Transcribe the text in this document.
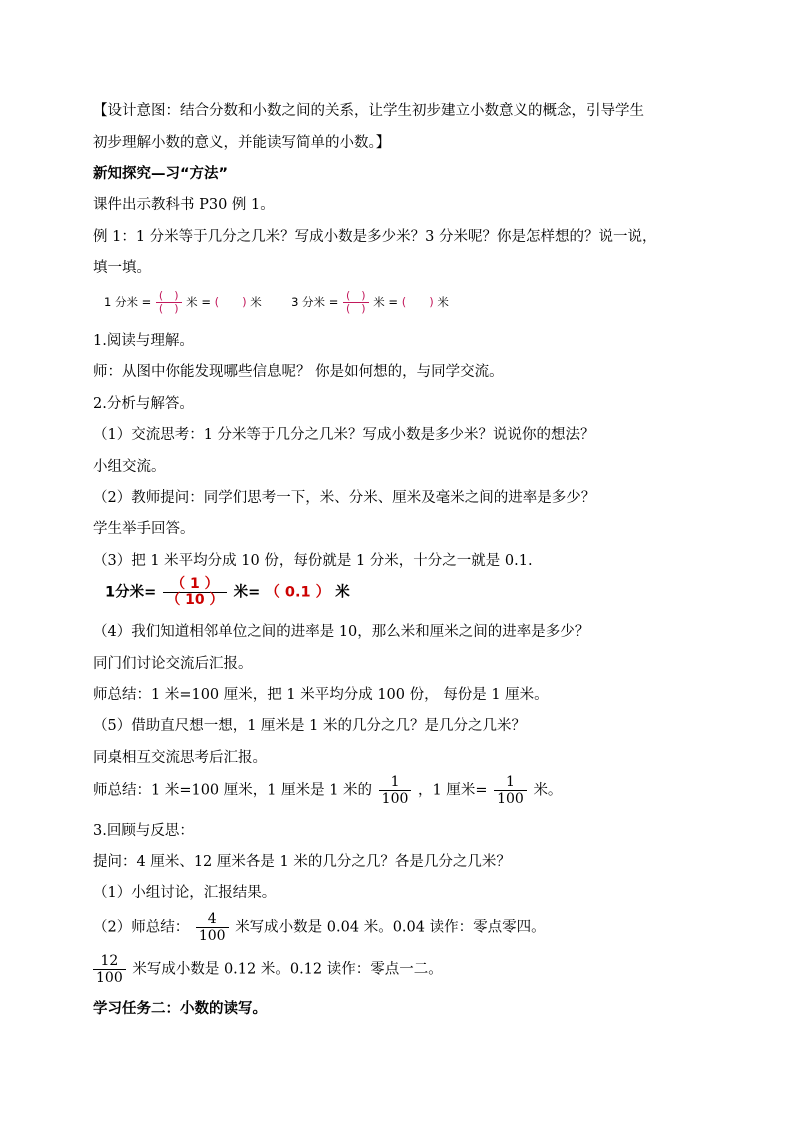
【设计意图：结合分数和小数之间的关系，让学生初步建立小数意义的概念，引导学生
初步理解小数的意义，并能读写简单的小数。】
新知探究—习“方法”
课件出示教科书 P30 例 1。
例 1：1 分米等于几分之几米？写成小数是多少米？3 分米呢？你是怎样想的？说一说，
填一填。
1 分米 = (　)
(　) 米 = (　　) 米	3 分米 = (　)
(　) 米 = (　　) 米
1.阅读与理解。
师：从图中你能发现哪些信息呢？ 你是如何想的，与同学交流。
2.分析与解答。
（1）交流思考：1 分米等于几分之几米？写成小数是多少米？说说你的想法？
小组交流。
（2）教师提问：同学们思考一下，米、分米、厘米及毫米之间的进率是多少？
学生举手回答。
（3）把 1 米平均分成 10 份，每份就是 1 分米，十分之一就是 0.1.
1分米= $\frac{( 1 )}{( 10 )}$ 米= （ 0.1 ） 米
（4）我们知道相邻单位之间的进率是 10，那么米和厘米之间的进率是多少？
同门们讨论交流后汇报。
师总结：1 米=100 厘米，把 1 米平均分成 100 份， 每份是 1 厘米。
（5）借助直尺想一想，1 厘米是 1 米的几分之几？是几分之几米？
同桌相互交流思考后汇报。
师总结：1 米=100 厘米，1 厘米是 1 米的 $\frac{1}{100}$ ，1 厘米= $\frac{1}{100}$ 米。
3.回顾与反思：
提问：4 厘米、12 厘米各是 1 米的几分之几？各是几分之几米？
（1）小组讨论，汇报结果。
（2）师总结： $\frac{4}{100}$ 米写成小数是 0.04 米。0.04 读作：零点零四。
$\frac{12}{100}$ 米写成小数是 0.12 米。0.12 读作：零点一二。
学习任务二：小数的读写。
